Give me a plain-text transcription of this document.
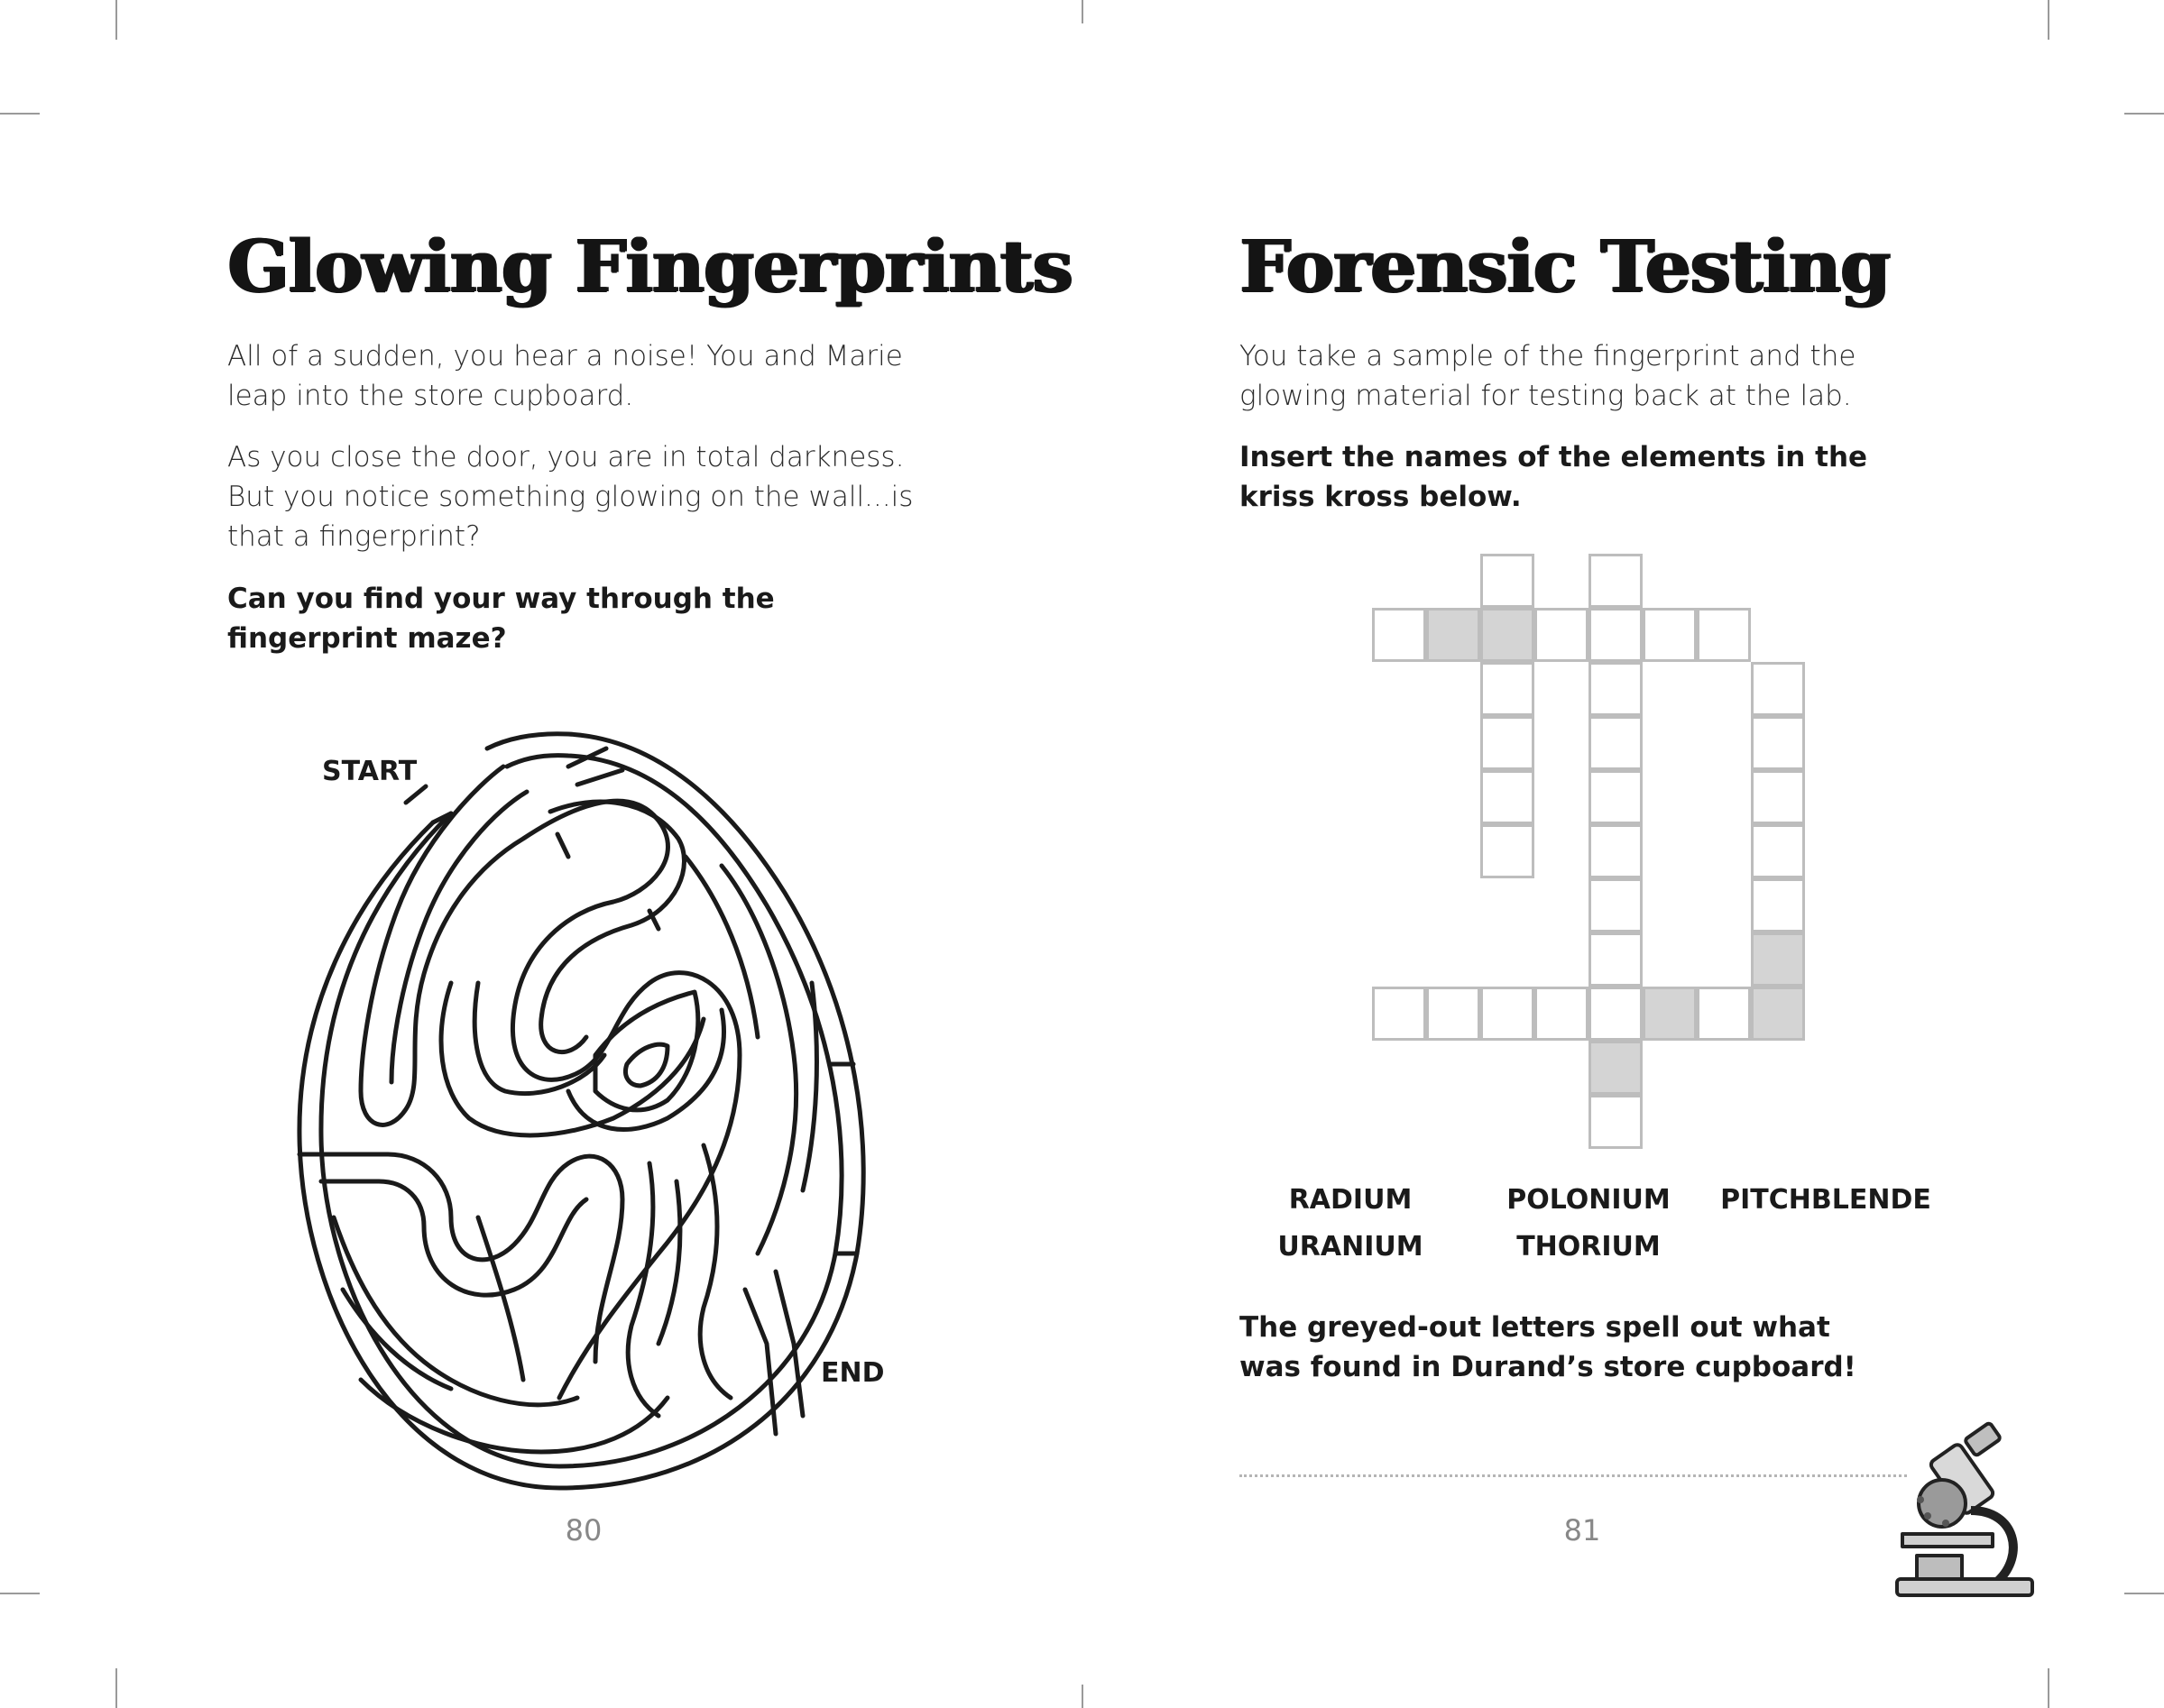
Glowing Fingerprints

All of a sudden, you hear a noise! You and Marie leap into the store cupboard.

As you close the door, you are in total darkness. But you notice something glowing on the wall...is that a fingerprint?

Can you find your way through the fingerprint maze?

START
END
80
Forensic Testing

You take a sample of the fingerprint and the glowing material for testing back at the lab.

Insert the names of the elements in the kriss kross below.

RADIUM	POLONIUM PITCHBLENDE
URANIUM	THORIUM

The greyed-out letters spell out what was found in Durand’s store cupboard!

81
